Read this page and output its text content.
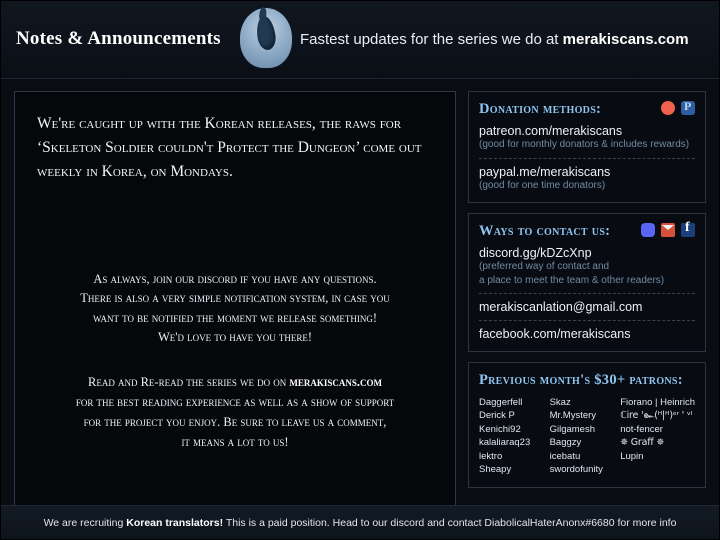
Notes & Announcements	Fastest updates for the series we do at merakiscans.com
We're caught up with the Korean releases, the raws for ‘Skeleton Soldier couldn't Protect the Dungeon’ come out weekly in Korea, on Mondays.
As always, join our discord if you have any questions.
There is also a very simple notification system, in case you
want to be notified the moment we release something!
We'd love to have you there!
Read and Re-read the series we do on merakiscans.com
for the best reading experience as well as a show of support
for the project you enjoy. Be sure to leave us a comment,
it means a lot to us!
Donation methods:
P
patreon.com/merakiscans
(good for monthly donators & includes rewards)
paypal.me/merakiscans
(good for one time donators)
Ways to contact us:
f
discord.gg/kDZcXnp
(preferred way of contact and
a place to meet the team & other readers)
merakiscanlation@gmail.com
facebook.com/merakiscans
Previous month's $30+ patrons:
Daggerfell
Derick P
Kenichi92
kalaliaraq23
lektro
Sheapy
Skaz
Mr.Mystery
Gilgamesh
Baggzy
icebatu
swordofunity
Fiorano | Heinrich
ℂire '๛(ᴴ|ᴴ)ᵉʳ ' ᵛᴵ
not-fencer
✵ Graff ✵
Lupin
We are recruiting Korean translators! This is a paid position. Head to our discord and contact DiabolicalHaterAnonx#6680 for more info
